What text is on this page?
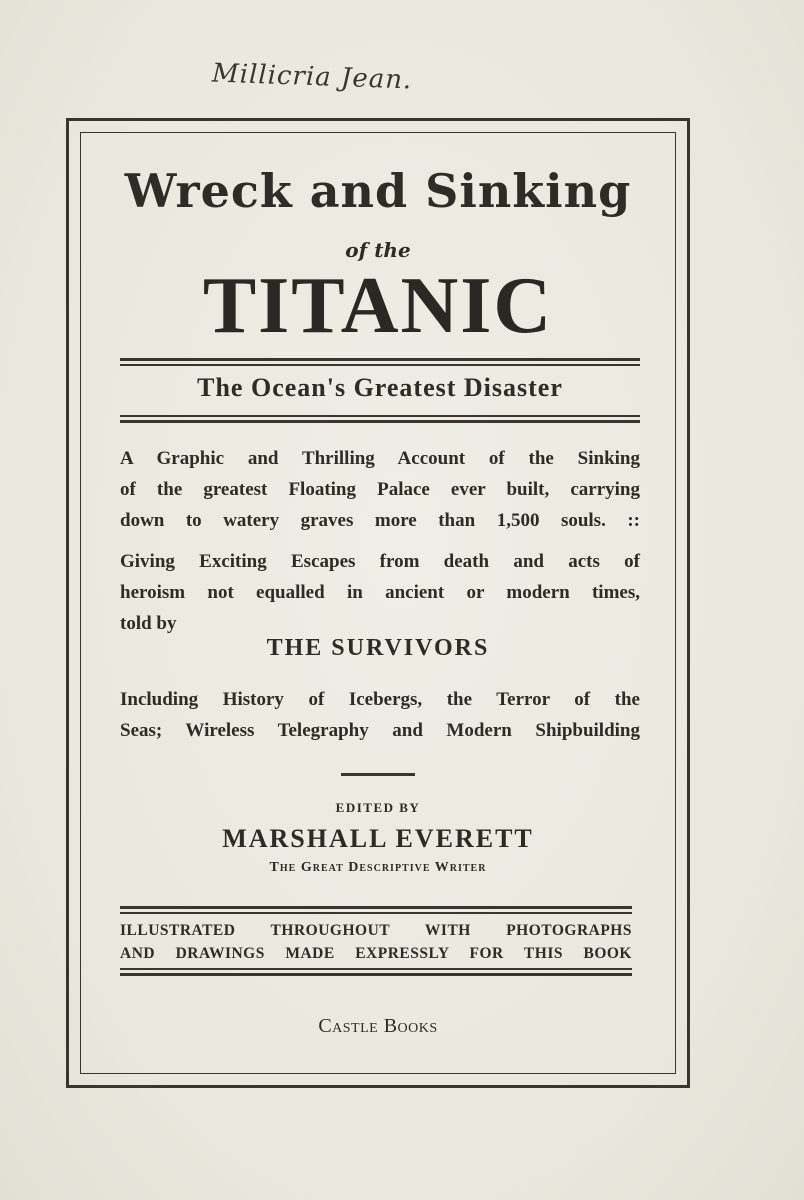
Millicria Jean.
Wreck and Sinking
of the
TITANIC
The Ocean's Greatest Disaster
A Graphic and Thrilling Account of the Sinking
of the greatest Floating Palace ever built, carrying
down to watery graves more than 1,500 souls. ::
Giving Exciting Escapes from death and acts of
heroism not equalled in ancient or modern times,
told by
THE SURVIVORS
Including History of Icebergs, the Terror of the
Seas; Wireless Telegraphy and Modern Shipbuilding
EDITED BY
MARSHALL EVERETT
The Great Descriptive Writer
ILLUSTRATED THROUGHOUT WITH PHOTOGRAPHS
AND DRAWINGS MADE EXPRESSLY FOR THIS BOOK
Castle Books
